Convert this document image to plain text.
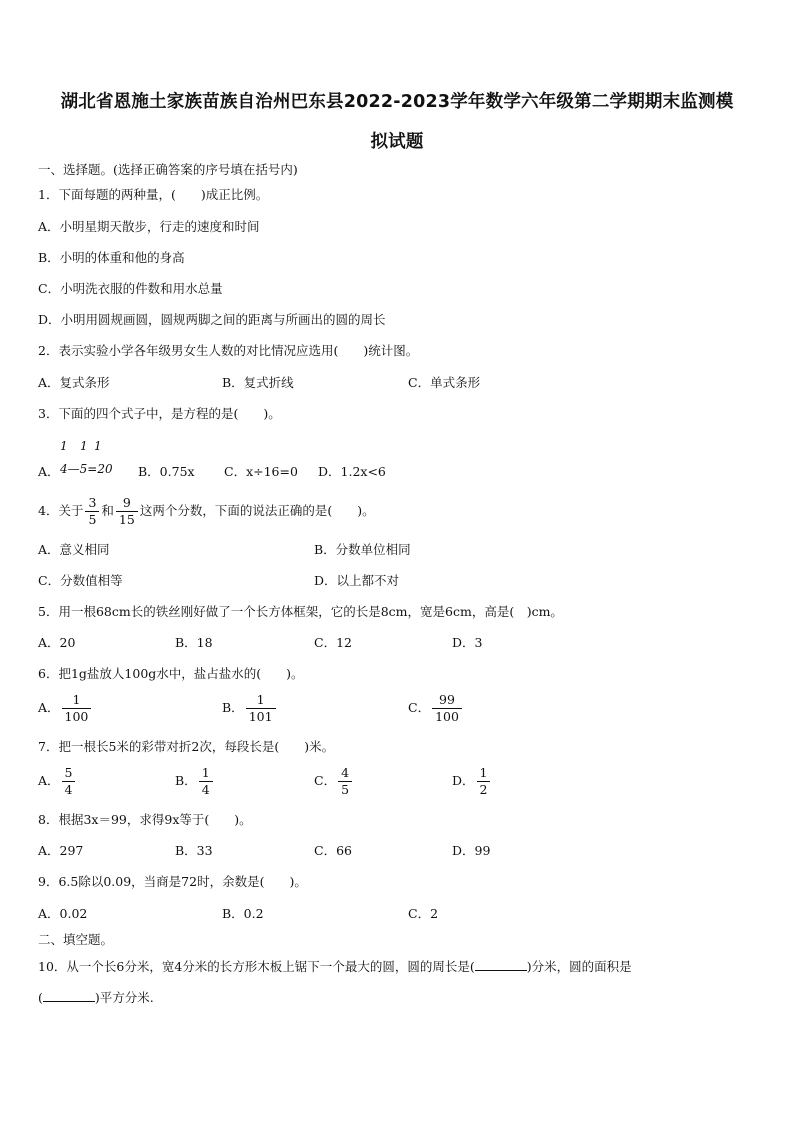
湖北省恩施土家族苗族自治州巴东县2022-2023学年数学六年级第二学期期末监测模
拟试题
一、选择题。(选择正确答案的序号填在括号内)
1．下面每题的两种量，(　　)成正比例。
A．小明星期天散步，行走的速度和时间
B．小明的体重和他的身高
C．小明洗衣服的件数和用水总量
D．小明用圆规画圆，圆规两脚之间的距离与所画出的圆的周长
2．表示实验小学各年级男女生人数的对比情况应选用(　　)统计图。
A．复式条形	B．复式折线	C．单式条形
3．下面的四个式子中，是方程的是(　　)。
A．
1 1 1
4—5=20 B．0.75x C．x÷16=0 D．1.2x<6
4．关于 $\frac{3}{5}$ 和 $\frac{9}{15}$ 这两个分数，下面的说法正确的是(　　)。
A．意义相同	B．分数单位相同
C．分数值相等	D．以上都不对
5．用一根68cm长的铁丝刚好做了一个长方体框架，它的长是8cm，宽是6cm，高是(　)cm。
A．20	B．18	C．12	D．3
6．把1g盐放人100g水中，盐占盐水的(　　)。
A． $\frac{1}{100}$	B． $\frac{1}{101}$	C． $\frac{99}{100}$
7．把一根长5米的彩带对折2次，每段长是(　　)米。
A． $\frac{5}{4}$	B． $\frac{1}{4}$	C． $\frac{4}{5}$	D． $\frac{1}{2}$
8．根据3x＝99，求得9x等于(　　)。
A．297	B．33	C．66	D．99
9．6.5除以0.09，当商是72时，余数是(　　)。
A．0.02	B．0.2	C．2
二、填空题。
10．从一个长6分米，宽4分米的长方形木板上锯下一个最大的圆，圆的周长是(	)分米，圆的面积是
(	)平方分米.
